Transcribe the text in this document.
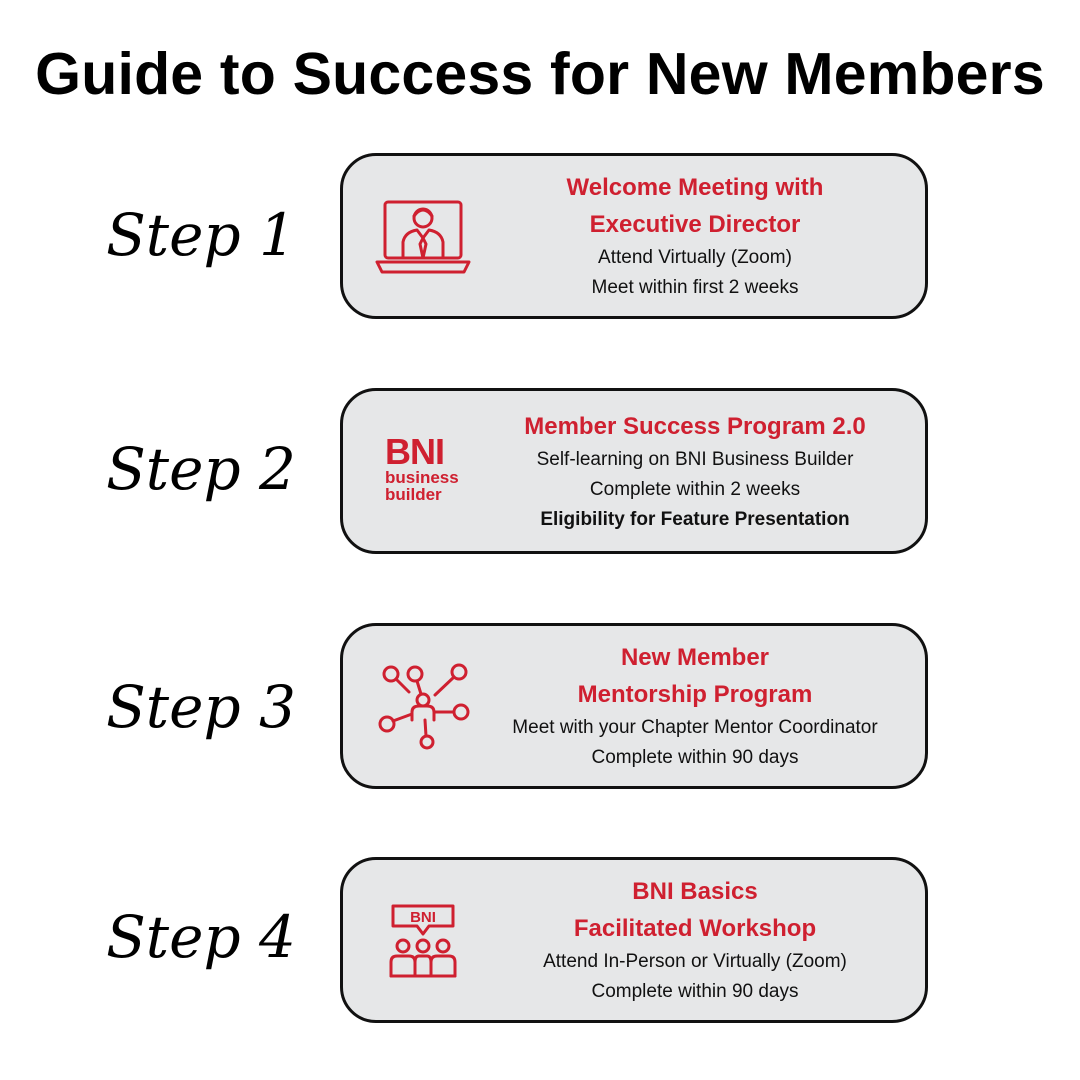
Guide to Success for New Members
Step 1
Welcome Meeting with
Executive Director
Attend Virtually (Zoom)
Meet within first 2 weeks
Step 2 BNI
business
builder
Member Success Program 2.0
Self-learning on BNI Business Builder
Complete within 2 weeks
Eligibility for Feature Presentation
Step 3
New Member
Mentorship Program
Meet with your Chapter Mentor Coordinator
Complete within 90 days
Step 4	BNI
BNI Basics
Facilitated Workshop
Attend In-Person or Virtually (Zoom)
Complete within 90 days
